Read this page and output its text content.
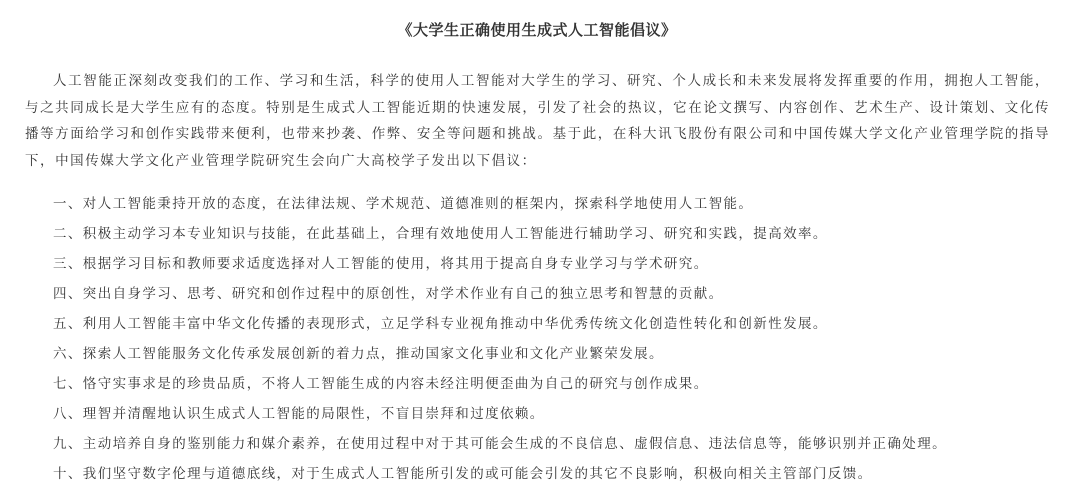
《大学生正确使用生成式人工智能倡议》

人工智能正深刻改变我们的工作、学习和生活，科学的使用人工智能对大学生的学习、研究、个人成长和未来发展将发挥重要的作用，拥抱人工智能，与之共同成长是大学生应有的态度。特别是生成式人工智能近期的快速发展，引发了社会的热议，它在论文撰写、内容创作、艺术生产、设计策划、文化传播等方面给学习和创作实践带来便利，也带来抄袭、作弊、安全等问题和挑战。基于此，在科大讯飞股份有限公司和中国传媒大学文化产业管理学院的指导下，中国传媒大学文化产业管理学院研究生会向广大高校学子发出以下倡议：

一、对人工智能秉持开放的态度，在法律法规、学术规范、道德准则的框架内，探索科学地使用人工智能。
二、积极主动学习本专业知识与技能，在此基础上，合理有效地使用人工智能进行辅助学习、研究和实践，提高效率。
三、根据学习目标和教师要求适度选择对人工智能的使用，将其用于提高自身专业学习与学术研究。
四、突出自身学习、思考、研究和创作过程中的原创性，对学术作业有自己的独立思考和智慧的贡献。
五、利用人工智能丰富中华文化传播的表现形式，立足学科专业视角推动中华优秀传统文化创造性转化和创新性发展。
六、探索人工智能服务文化传承发展创新的着力点，推动国家文化事业和文化产业繁荣发展。
七、恪守实事求是的珍贵品质，不将人工智能生成的内容未经注明便歪曲为自己的研究与创作成果。
八、理智并清醒地认识生成式人工智能的局限性，不盲目崇拜和过度依赖。
九、主动培养自身的鉴别能力和媒介素养，在使用过程中对于其可能会生成的不良信息、虚假信息、违法信息等，能够识别并正确处理。
十、我们坚守数字伦理与道德底线，对于生成式人工智能所引发的或可能会引发的其它不良影响，积极向相关主管部门反馈。
